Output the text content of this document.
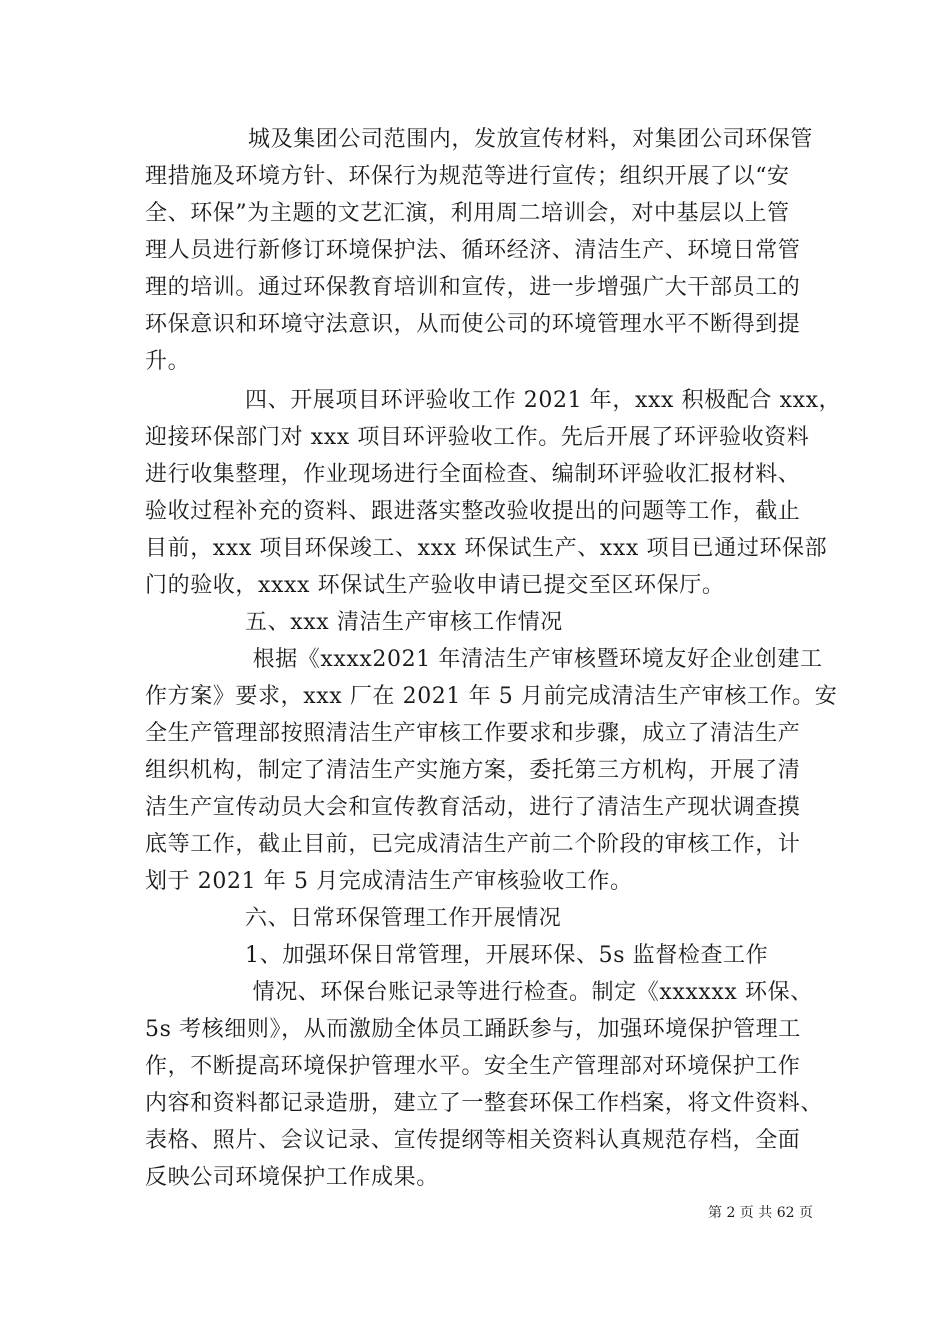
城及集团公司范围内，发放宣传材料，对集团公司环保管
理措施及环境方针、环保行为规范等进行宣传；组织开展了以“安
全、环保”为主题的文艺汇演，利用周二培训会，对中基层以上管
理人员进行新修订环境保护法、循环经济、清洁生产、环境日常管
理的培训。通过环保教育培训和宣传，进一步增强广大干部员工的
环保意识和环境守法意识，从而使公司的环境管理水平不断得到提
升。
四、开展项目环评验收工作 2021 年，xxx 积极配合 xxx，
迎接环保部门对 xxx 项目环评验收工作。先后开展了环评验收资料
进行收集整理，作业现场进行全面检查、编制环评验收汇报材料、
验收过程补充的资料、跟进落实整改验收提出的问题等工作，截止
目前，xxx 项目环保竣工、xxx 环保试生产、xxx 项目已通过环保部
门的验收，xxxx 环保试生产验收申请已提交至区环保厅。
五、xxx 清洁生产审核工作情况
根据《xxxx2021 年清洁生产审核暨环境友好企业创建工
作方案》要求，xxx 厂在 2021 年 5 月前完成清洁生产审核工作。安
全生产管理部按照清洁生产审核工作要求和步骤，成立了清洁生产
组织机构，制定了清洁生产实施方案，委托第三方机构，开展了清
洁生产宣传动员大会和宣传教育活动，进行了清洁生产现状调查摸
底等工作，截止目前，已完成清洁生产前二个阶段的审核工作，计
划于 2021 年 5 月完成清洁生产审核验收工作。
六、日常环保管理工作开展情况
1、加强环保日常管理，开展环保、5s 监督检查工作
情况、环保台账记录等进行检查。制定《xxxxxx 环保、
5s 考核细则》，从而激励全体员工踊跃参与，加强环境保护管理工
作，不断提高环境保护管理水平。安全生产管理部对环境保护工作
内容和资料都记录造册，建立了一整套环保工作档案，将文件资料、
表格、照片、会议记录、宣传提纲等相关资料认真规范存档，全面
反映公司环境保护工作成果。
第 2 页 共 62 页
